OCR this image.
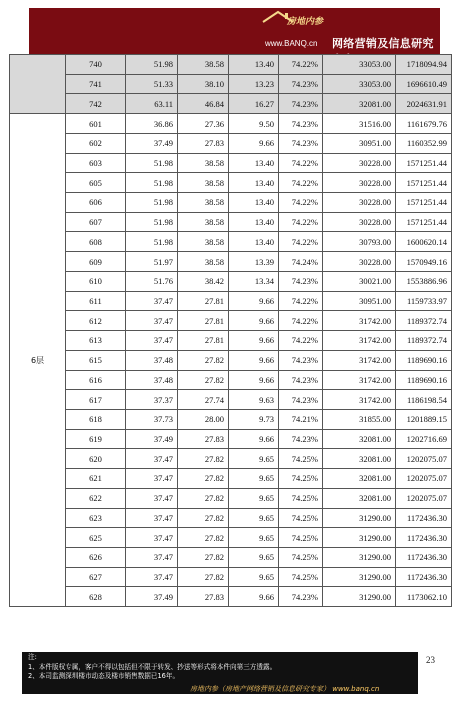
房地内参
www.BANQ.cn 网络营销及信息研究
	740	51.98	38.58	13.40	74.22%	33053.00	1718094.94
	741	51.33	38.10	13.23	74.23%	33053.00	1696610.49
	742	63.11	46.84	16.27	74.23%	32081.00	2024631.91
6层	601	36.86	27.36	9.50	74.23%	31516.00	1161679.76
	602	37.49	27.83	9.66	74.23%	30951.00	1160352.99
	603	51.98	38.58	13.40	74.22%	30228.00	1571251.44
	605	51.98	38.58	13.40	74.22%	30228.00	1571251.44
	606	51.98	38.58	13.40	74.22%	30228.00	1571251.44
	607	51.98	38.58	13.40	74.22%	30228.00	1571251.44
	608	51.98	38.58	13.40	74.22%	30793.00	1600620.14
	609	51.97	38.58	13.39	74.24%	30228.00	1570949.16
	610	51.76	38.42	13.34	74.23%	30021.00	1553886.96
	611	37.47	27.81	9.66	74.22%	30951.00	1159733.97
	612	37.47	27.81	9.66	74.22%	31742.00	1189372.74
	613	37.47	27.81	9.66	74.22%	31742.00	1189372.74
	615	37.48	27.82	9.66	74.23%	31742.00	1189690.16
	616	37.48	27.82	9.66	74.23%	31742.00	1189690.16
	617	37.37	27.74	9.63	74.23%	31742.00	1186198.54
	618	37.73	28.00	9.73	74.21%	31855.00	1201889.15
	619	37.49	27.83	9.66	74.23%	32081.00	1202716.69
	620	37.47	27.82	9.65	74.25%	32081.00	1202075.07
	621	37.47	27.82	9.65	74.25%	32081.00	1202075.07
	622	37.47	27.82	9.65	74.25%	32081.00	1202075.07
	623	37.47	27.82	9.65	74.25%	31290.00	1172436.30
	625	37.47	27.82	9.65	74.25%	31290.00	1172436.30
	626	37.47	27.82	9.65	74.25%	31290.00	1172436.30
	627	37.47	27.82	9.65	74.25%	31290.00	1172436.30
	628	37.49	27.83	9.66	74.23%	31290.00	1173062.10
23
注:
1、本件版权专属，客户不得以包括但不限于转发、抄送等形式将本件向第三方透露。
2、本司监测深圳楼市动态及楼市销售数据已16年。
房地内参（房地产网络营销及信息研究专家） www.banq.cn
